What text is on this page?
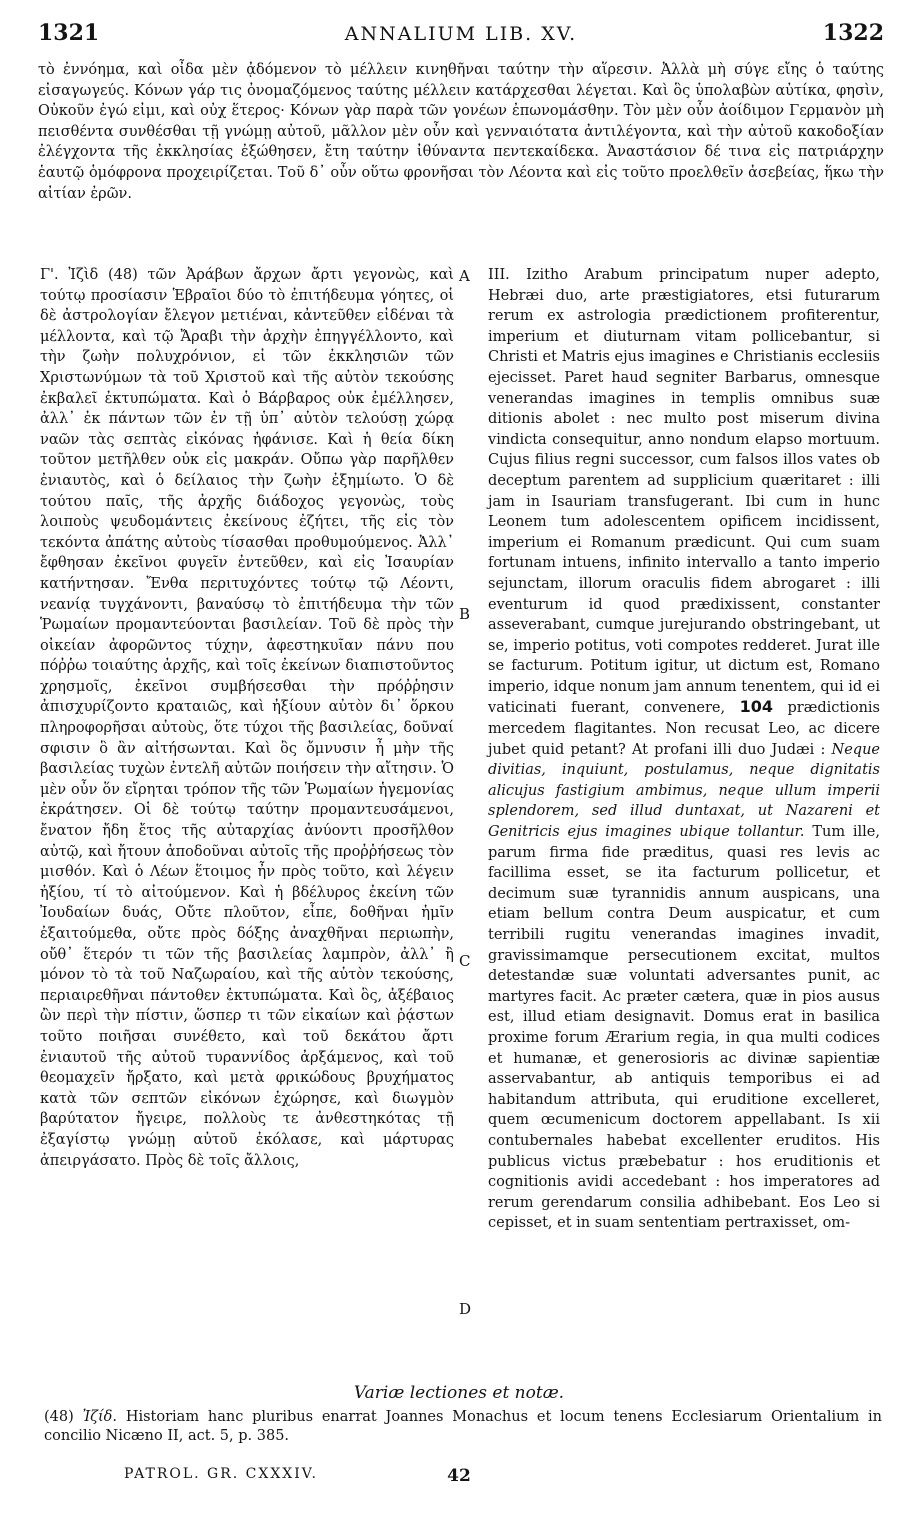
1321	ANNALIUM LIB. XV.	1322

τὸ ἐννόημα, καὶ οἶδα μὲν ᾀδόμενον τὸ μέλλειν κινηθῆναι ταύτην τὴν αἵρεσιν. Ἀλλὰ μὴ σύγε εἴης ὁ ταύτης εἰσαγωγεύς. Κόνων γάρ τις ὀνομαζόμενος ταύτης μέλλειν κατάρχεσθαι λέγεται. Καὶ ὃς ὑπολαβὼν αὐτίκα, φησὶν, Οὐκοῦν ἐγώ εἰμι, καὶ οὐχ ἕτερος· Κόνων γὰρ παρὰ τῶν γονέων ἐπωνομάσθην. Τὸν μὲν οὖν ἀοίδιμον Γερμανὸν μὴ πεισθέντα συνθέσθαι τῇ γνώμῃ αὐτοῦ, μᾶλλον μὲν οὖν καὶ γενναιότατα ἀντιλέγοντα, καὶ τὴν αὐτοῦ κακοδοξίαν ἐλέγχοντα τῆς ἐκκλησίας ἐξώθησεν, ἔτη ταύτην ἰθύναντα πεντεκαίδεκα. Ἀναστάσιον δέ τινα εἰς πατριάρχην ἑαυτῷ ὁμόφρονα προχειρίζεται. Τοῦ δ᾽ οὖν οὕτω φρονῆσαι τὸν Λέοντα καὶ εἰς τοῦτο προελθεῖν ἀσεβείας, ἥκω τὴν αἰτίαν ἐρῶν.

Γ'. Ἰζὶδ (48) τῶν Ἀράβων ἄρχων ἄρτι γεγονὼς, καὶ τούτῳ προσίασιν Ἑβραῖοι δύο τὸ ἐπιτήδευμα γόητες, οἱ δὲ ἀστρολογίαν ἔλεγον μετιέναι, κἀντεῦθεν εἰδέναι τὰ μέλλοντα, καὶ τῷ Ἄραβι τὴν ἀρχὴν ἐπηγγέλλοντο, καὶ τὴν ζωὴν πολυχρόνιον, εἰ τῶν ἐκκλησιῶν τῶν Χριστωνύμων τὰ τοῦ Χριστοῦ καὶ τῆς αὐτὸν τεκούσης ἐκβαλεῖ ἐκτυπώματα. Καὶ ὁ Βάρβαρος οὐκ ἐμέλλησεν, ἀλλ᾽ ἐκ πάντων τῶν ἐν τῇ ὑπ᾽ αὐτὸν τελούσῃ χώρᾳ ναῶν τὰς σεπτὰς εἰκόνας ἠφάνισε. Καὶ ἡ θεία δίκη τοῦτον μετῆλθεν οὐκ εἰς μακράν. Οὔπω γὰρ παρῆλθεν ἐνιαυτὸς, καὶ ὁ δείλαιος τὴν ζωὴν ἐξημίωτο. Ὁ δὲ τούτου παῖς, τῆς ἀρχῆς διάδοχος γεγονὼς, τοὺς λοιποὺς ψευδομάντεις ἐκείνους ἐζήτει, τῆς εἰς τὸν τεκόντα ἀπάτης αὐτοὺς τίσασθαι προθυμούμενος. Ἀλλ᾽ ἔφθησαν ἐκεῖνοι φυγεῖν ἐντεῦθεν, καὶ εἰς Ἰσαυρίαν κατήντησαν. Ἔνθα περιτυχόντες τούτῳ τῷ Λέοντι, νεανίᾳ τυγχάνοντι, βαναύσῳ τὸ ἐπιτήδευμα τὴν τῶν Ῥωμαίων προμαντεύονται βασιλείαν. Τοῦ δὲ πρὸς τὴν οἰκείαν ἀφορῶντος τύχην, ἀφεστηκυῖαν πάνυ που πόῤῥω τοιαύτης ἀρχῆς, καὶ τοῖς ἐκείνων διαπιστοῦντος χρησμοῖς, ἐκεῖνοι συμβήσεσθαι τὴν πρόῤῥησιν ἀπισχυρίζοντο κραταιῶς, καὶ ἠξίουν αὐτὸν δι᾽ ὅρκου πληροφορῆσαι αὐτοὺς, ὅτε τύχοι τῆς βασιλείας, δοῦναί σφισιν ὃ ἂν αἰτήσωνται. Καὶ ὃς ὄμνυσιν ἦ μὴν τῆς βασιλείας τυχὼν ἐντελῆ αὐτῶν ποιήσειν τὴν αἴτησιν. Ὁ μὲν οὖν ὅν εἴρηται τρόπον τῆς τῶν Ῥωμαίων ἡγεμονίας ἐκράτησεν. Οἱ δὲ τούτῳ ταύτην προμαντευσάμενοι, ἔνατον ἤδη ἔτος τῆς αὐταρχίας ἀνύοντι προσῆλθον αὐτῷ, καὶ ἤτουν ἀποδοῦναι αὐτοῖς τῆς προῤῥήσεως τὸν μισθόν. Καὶ ὁ Λέων ἕτοιμος ἦν πρὸς τοῦτο, καὶ λέγειν ἠξίου, τί τὸ αἰτούμενον. Καὶ ἡ βδέλυρος ἐκείνη τῶν Ἰουδαίων δυάς, Οὔτε πλοῦτον, εἶπε, δοθῆναι ἡμῖν ἐξαιτούμεθα, οὔτε πρὸς δόξης ἀναχθῆναι περιωπὴν, οὔθ᾽ ἕτερόν τι τῶν τῆς βασιλείας λαμπρὸν, ἀλλ᾽ ἢ μόνον τὸ τὰ τοῦ Ναζωραίου, καὶ τῆς αὐτὸν τεκούσης, περιαιρεθῆναι πάντοθεν ἐκτυπώματα. Καὶ ὃς, ἀξέβαιος ὢν περὶ τὴν πίστιν, ὥσπερ τι τῶν εἰκαίων καὶ ῥᾴστων τοῦτο ποιῆσαι συνέθετο, καὶ τοῦ δεκάτου ἄρτι ἐνιαυτοῦ τῆς αὐτοῦ τυραννίδος ἀρξάμενος, καὶ τοῦ θεομαχεῖν ἤρξατο, καὶ μετὰ φρικώδους βρυχήματος κατὰ τῶν σεπτῶν εἰκόνων ἐχώρησε, καὶ διωγμὸν βαρύτατον ἤγειρε, πολλοὺς τε ἀνθεστηκότας τῇ ἐξαγίστῳ γνώμῃ αὐτοῦ ἐκόλασε, καὶ μάρτυρας ἀπειργάσατο. Πρὸς δὲ τοῖς ἄλλοις,

A
B
C
D

III. Izitho Arabum principatum nuper adepto, Hebræi duo, arte præstigiatores, etsi futurarum rerum ex astrologia prædictionem profiterentur, imperium et diuturnam vitam pollicebantur, si Christi et Matris ejus imagines e Christianis ecclesiis ejecisset. Paret haud segniter Barbarus, omnesque venerandas imagines in templis omnibus suæ ditionis abolet : nec multo post miserum divina vindicta consequitur, anno nondum elapso mortuum. Cujus filius regni successor, cum falsos illos vates ob deceptum parentem ad supplicium quæritaret : illi jam in Isauriam transfugerant. Ibi cum in hunc Leonem tum adolescentem opificem incidissent, imperium ei Romanum prædicunt. Qui cum suam fortunam intuens, infinito intervallo a tanto imperio sejunctam, illorum oraculis fidem abrogaret : illi eventurum id quod prædixissent, constanter asseverabant, cumque jurejurando obstringebant, ut se, imperio potitus, voti compotes redderet. Jurat ille se facturum. Potitum igitur, ut dictum est, Romano imperio, idque nonum jam annum tenentem, qui id ei vaticinati fuerant, convenere, 104 prædictionis mercedem flagitantes. Non recusat Leo, ac dicere jubet quid petant? At profani illi duo Judæi : Neque divitias, inquiunt, postulamus, neque dignitatis alicujus fastigium ambimus, neque ullum imperii splendorem, sed illud duntaxat, ut Nazareni et Genitricis ejus imagines ubique tollantur. Tum ille, parum firma fide præditus, quasi res levis ac facillima esset, se ita facturum pollicetur, et decimum suæ tyrannidis annum auspicans, una etiam bellum contra Deum auspicatur, et cum terribili rugitu venerandas imagines invadit, gravissimamque persecutionem excitat, multos detestandæ suæ voluntati adversantes punit, ac martyres facit. Ac præter cætera, quæ in pios ausus est, illud etiam designavit. Domus erat in basilica proxime forum Ærarium regia, in qua multi codices et humanæ, et generosioris ac divinæ sapientiæ asservabantur, ab antiquis temporibus ei ad habitandum attributa, qui eruditione excelleret, quem œcumenicum doctorem appellabant. Is xii contubernales habebat excellenter eruditos. His publicus victus præbebatur : hos eruditionis et cognitionis avidi accedebant : hos imperatores ad rerum gerendarum consilia adhibebant. Eos Leo si cepisset, et in suam sententiam pertraxisset, om-

Variæ lectiones et notæ.

(48) Ἰζίδ. Historiam hanc pluribus enarrat Joannes Monachus et locum tenens Ecclesiarum Orientalium in concilio Nicæno II, act. 5, p. 385.

PATROL. GR. CXXXIV.	42
